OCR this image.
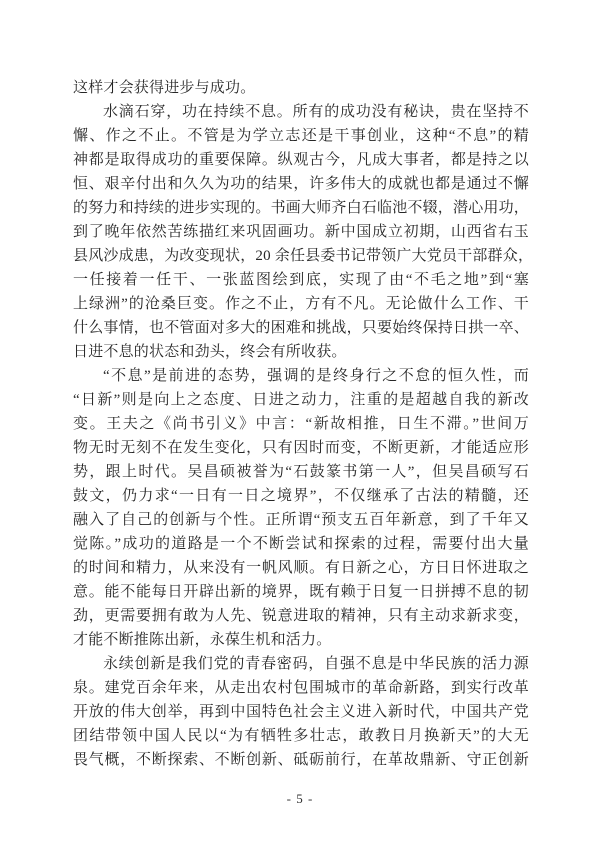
这样才会获得进步与成功。
水滴石穿，功在持续不息。所有的成功没有秘诀，贵在坚持不
懈、作之不止。不管是为学立志还是干事创业，这种“不息”的精
神都是取得成功的重要保障。纵观古今，凡成大事者，都是持之以
恒、艰辛付出和久久为功的结果，许多伟大的成就也都是通过不懈
的努力和持续的进步实现的。书画大师齐白石临池不辍，潜心用功，
到了晚年依然苦练描红来巩固画功。新中国成立初期，山西省右玉
县风沙成患，为改变现状，20 余任县委书记带领广大党员干部群众，
一任接着一任干、一张蓝图绘到底，实现了由“不毛之地”到“塞
上绿洲”的沧桑巨变。作之不止，方有不凡。无论做什么工作、干
什么事情，也不管面对多大的困难和挑战，只要始终保持日拱一卒、
日进不息的状态和劲头，终会有所收获。
“不息”是前进的态势，强调的是终身行之不怠的恒久性，而
“日新”则是向上之态度、日进之动力，注重的是超越自我的新改
变。王夫之《尚书引义》中言：“新故相推，日生不滞。”世间万
物无时无刻不在发生变化，只有因时而变，不断更新，才能适应形
势，跟上时代。吴昌硕被誉为“石鼓篆书第一人”，但吴昌硕写石
鼓文，仍力求“一日有一日之境界”，不仅继承了古法的精髓，还
融入了自己的创新与个性。正所谓“预支五百年新意，到了千年又
觉陈。”成功的道路是一个不断尝试和探索的过程，需要付出大量
的时间和精力，从来没有一帆风顺。有日新之心，方日日怀进取之
意。能不能每日开辟出新的境界，既有赖于日复一日拼搏不息的韧
劲，更需要拥有敢为人先、锐意进取的精神，只有主动求新求变，
才能不断推陈出新，永葆生机和活力。
永续创新是我们党的青春密码，自强不息是中华民族的活力源
泉。建党百余年来，从走出农村包围城市的革命新路，到实行改革
开放的伟大创举，再到中国特色社会主义进入新时代，中国共产党
团结带领中国人民以“为有牺牲多壮志，敢教日月换新天”的大无
畏气概，不断探索、不断创新、砥砺前行，在革故鼎新、守正创新
- 5 -
